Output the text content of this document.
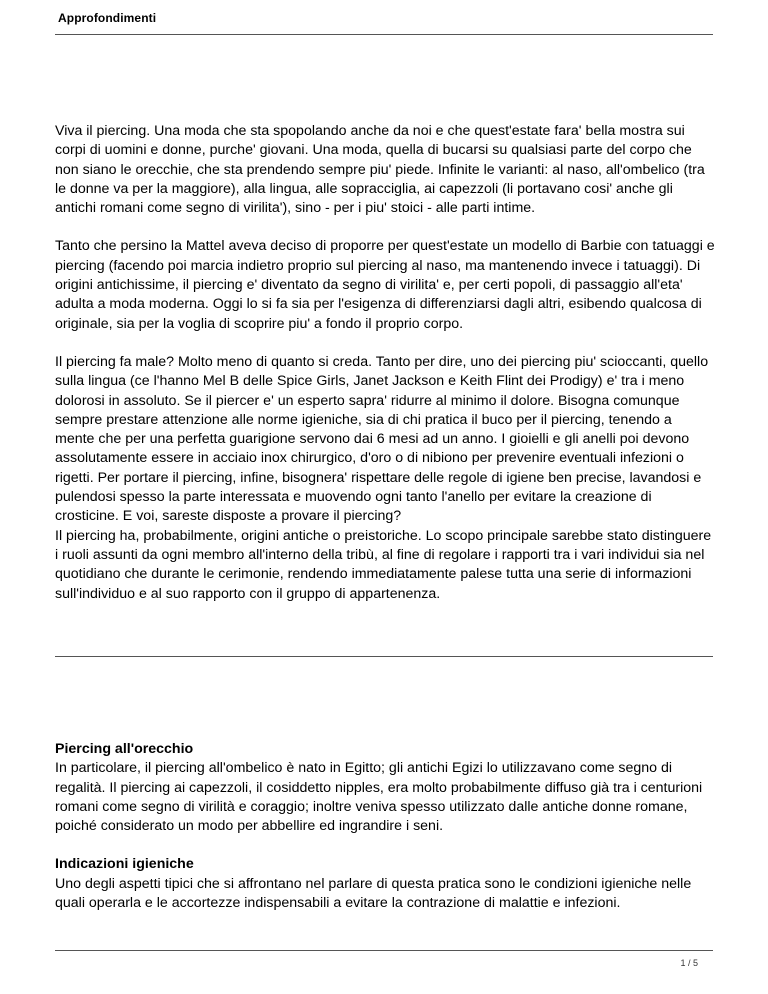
Approfondimenti

Viva il piercing. Una moda che sta spopolando anche da noi e che quest'estate fara' bella mostra sui corpi di uomini e donne, purche' giovani. Una moda, quella di bucarsi su qualsiasi parte del corpo che non siano le orecchie, che sta prendendo sempre piu' piede. Infinite le varianti: al naso, all'ombelico (tra le donne va per la maggiore), alla lingua, alle sopracciglia, ai capezzoli (li portavano cosi' anche gli antichi romani come segno di virilita'), sino - per i piu' stoici - alle parti intime.

Tanto che persino la Mattel aveva deciso di proporre per quest'estate un modello di Barbie con tatuaggi e piercing (facendo poi marcia indietro proprio sul piercing al naso, ma mantenendo invece i tatuaggi). Di origini antichissime, il piercing e' diventato da segno di virilita' e, per certi popoli, di passaggio all'eta' adulta a moda moderna. Oggi lo si fa sia per l'esigenza di differenziarsi dagli altri, esibendo qualcosa di originale, sia per la voglia di scoprire piu' a fondo il proprio corpo.

Il piercing fa male? Molto meno di quanto si creda. Tanto per dire, uno dei piercing piu' scioccanti, quello sulla lingua (ce l'hanno Mel B delle Spice Girls, Janet Jackson e Keith Flint dei Prodigy) e' tra i meno dolorosi in assoluto. Se il piercer e' un esperto sapra' ridurre al minimo il dolore. Bisogna comunque sempre prestare attenzione alle norme igieniche, sia di chi pratica il buco per il piercing, tenendo a mente che per una perfetta guarigione servono dai 6 mesi ad un anno. I gioielli e gli anelli poi devono assolutamente essere in acciaio inox chirurgico, d'oro o di nibiono per prevenire eventuali infezioni o rigetti. Per portare il piercing, infine, bisognera' rispettare delle regole di igiene ben precise, lavandosi e pulendosi spesso la parte interessata e muovendo ogni tanto l'anello per evitare la creazione di crosticine. E voi, sareste disposte a provare il piercing?

Il piercing ha, probabilmente, origini antiche o preistoriche. Lo scopo principale sarebbe stato distinguere i ruoli assunti da ogni membro all'interno della tribù, al fine di regolare i rapporti tra i vari individui sia nel quotidiano che durante le cerimonie, rendendo immediatamente palese tutta una serie di informazioni sull'individuo e al suo rapporto con il gruppo di appartenenza.

Piercing all'orecchio

In particolare, il piercing all'ombelico è nato in Egitto; gli antichi Egizi lo utilizzavano come segno di regalità. Il piercing ai capezzoli, il cosiddetto nipples, era molto probabilmente diffuso già tra i centurioni romani come segno di virilità e coraggio; inoltre veniva spesso utilizzato dalle antiche donne romane, poiché considerato un modo per abbellire ed ingrandire i seni.

Indicazioni igieniche

Uno degli aspetti tipici che si affrontano nel parlare di questa pratica sono le condizioni igieniche nelle quali operarla e le accortezze indispensabili a evitare la contrazione di malattie e infezioni.

1 / 5
